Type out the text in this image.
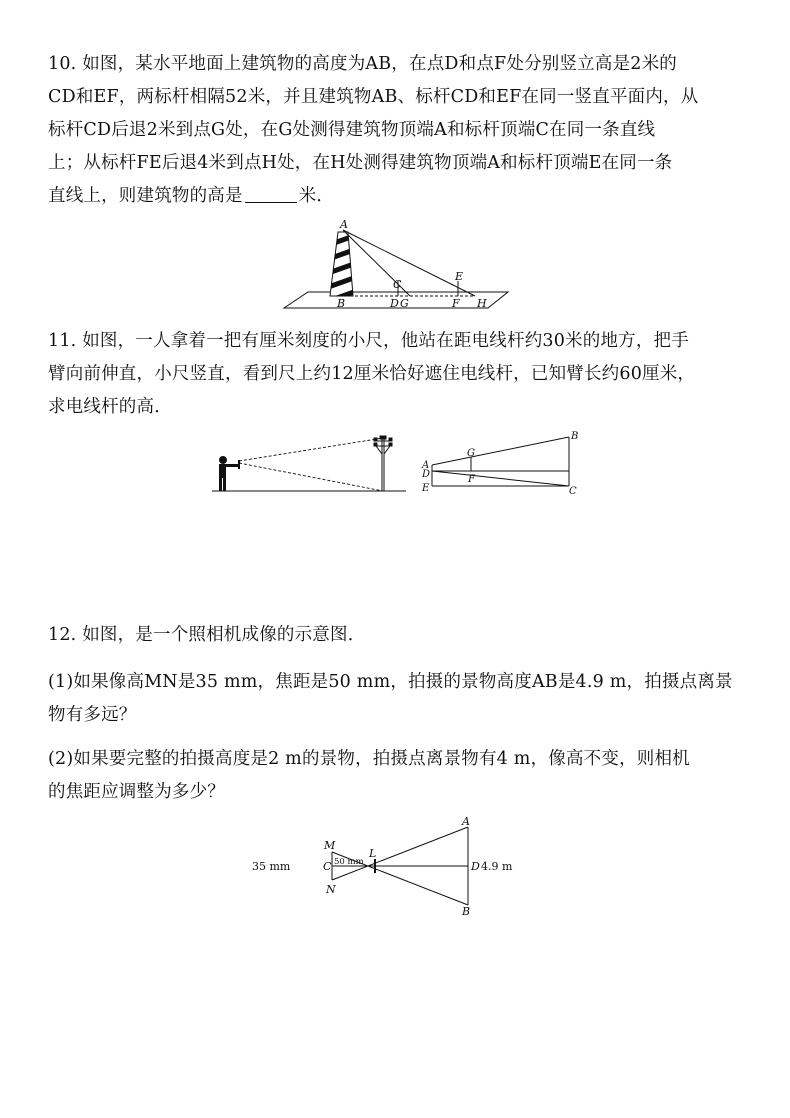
10. 如图，某水平地面上建筑物的高度为AB，在点D和点F处分别竖立高是2米的
CD和EF，两标杆相隔52米，并且建筑物AB、标杆CD和EF在同一竖直平面内，从
标杆CD后退2米到点G处，在G处测得建筑物顶端A和标杆顶端C在同一条直线
上；从标杆FE后退4米到点H处，在H处测得建筑物顶端A和标杆顶端E在同一条
直线上，则建筑物的高是	米．
A
B
C
D G
E
F H
11. 如图，一人拿着一把有厘米刻度的小尺，他站在距电线杆约30米的地方，把手
臂向前伸直，小尺竖直，看到尺上约12厘米恰好遮住电线杆，已知臂长约60厘米，
求电线杆的高．
B
C
A
D
E
G
F
12. 如图，是一个照相机成像的示意图．
(1)如果像高MN是35 mm，焦距是50 mm，拍摄的景物高度AB是4.9 m，拍摄点离景
物有多远？
(2)如果要完整的拍摄高度是2 m的景物，拍摄点离景物有4 m，像高不变，则相机
的焦距应调整为多少？
M
N
C
L
A
B
D
35 mm	50 mm	4.9 m
